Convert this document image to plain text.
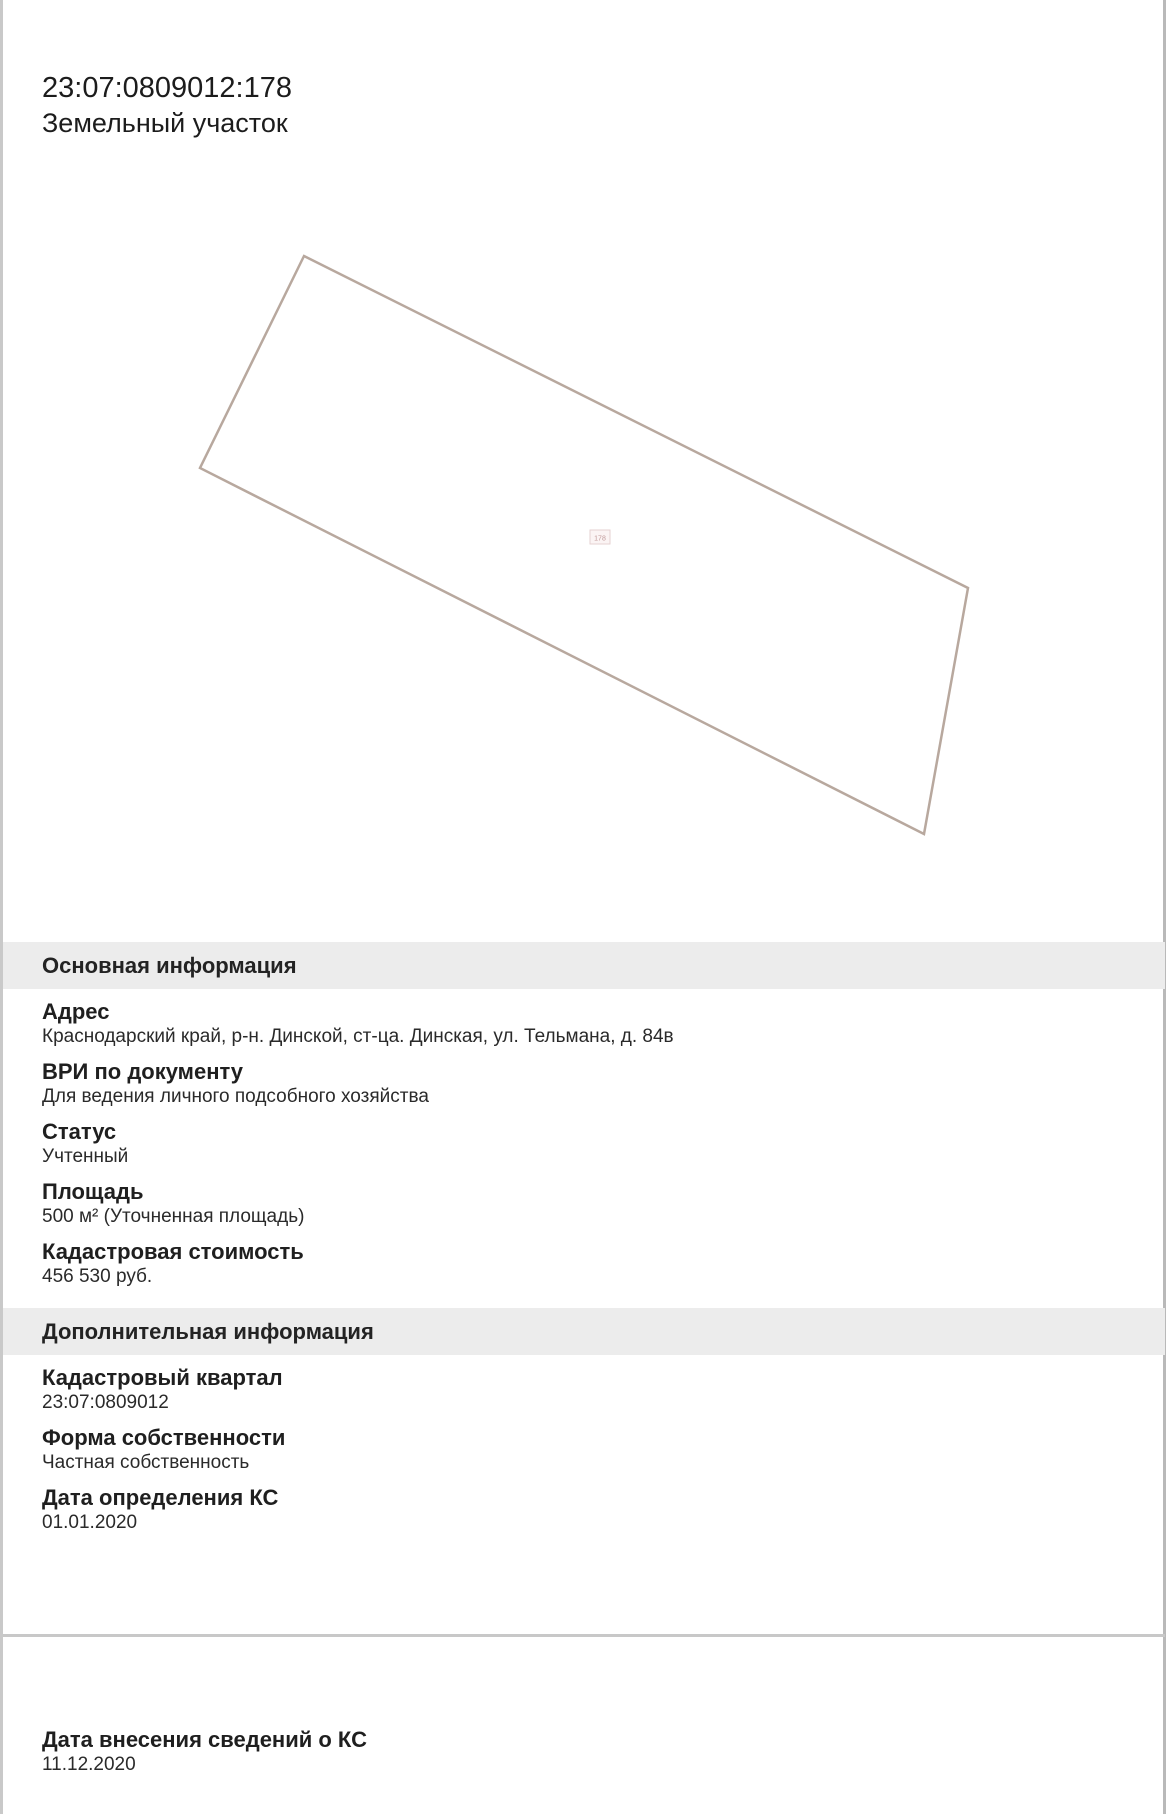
23:07:0809012:178
Земельный участок
178
Основная информация
Адрес
Краснодарский край, р-н. Динской, ст-ца. Динская, ул. Тельмана, д. 84в
ВРИ по документу
Для ведения личного подсобного хозяйства
Статус
Учтенный
Площадь
500 м² (Уточненная площадь)
Кадастровая стоимость
456 530 руб.
Дополнительная информация
Кадастровый квартал
23:07:0809012
Форма собственности
Частная собственность
Дата определения КС
01.01.2020
Дата внесения сведений о КС
11.12.2020
